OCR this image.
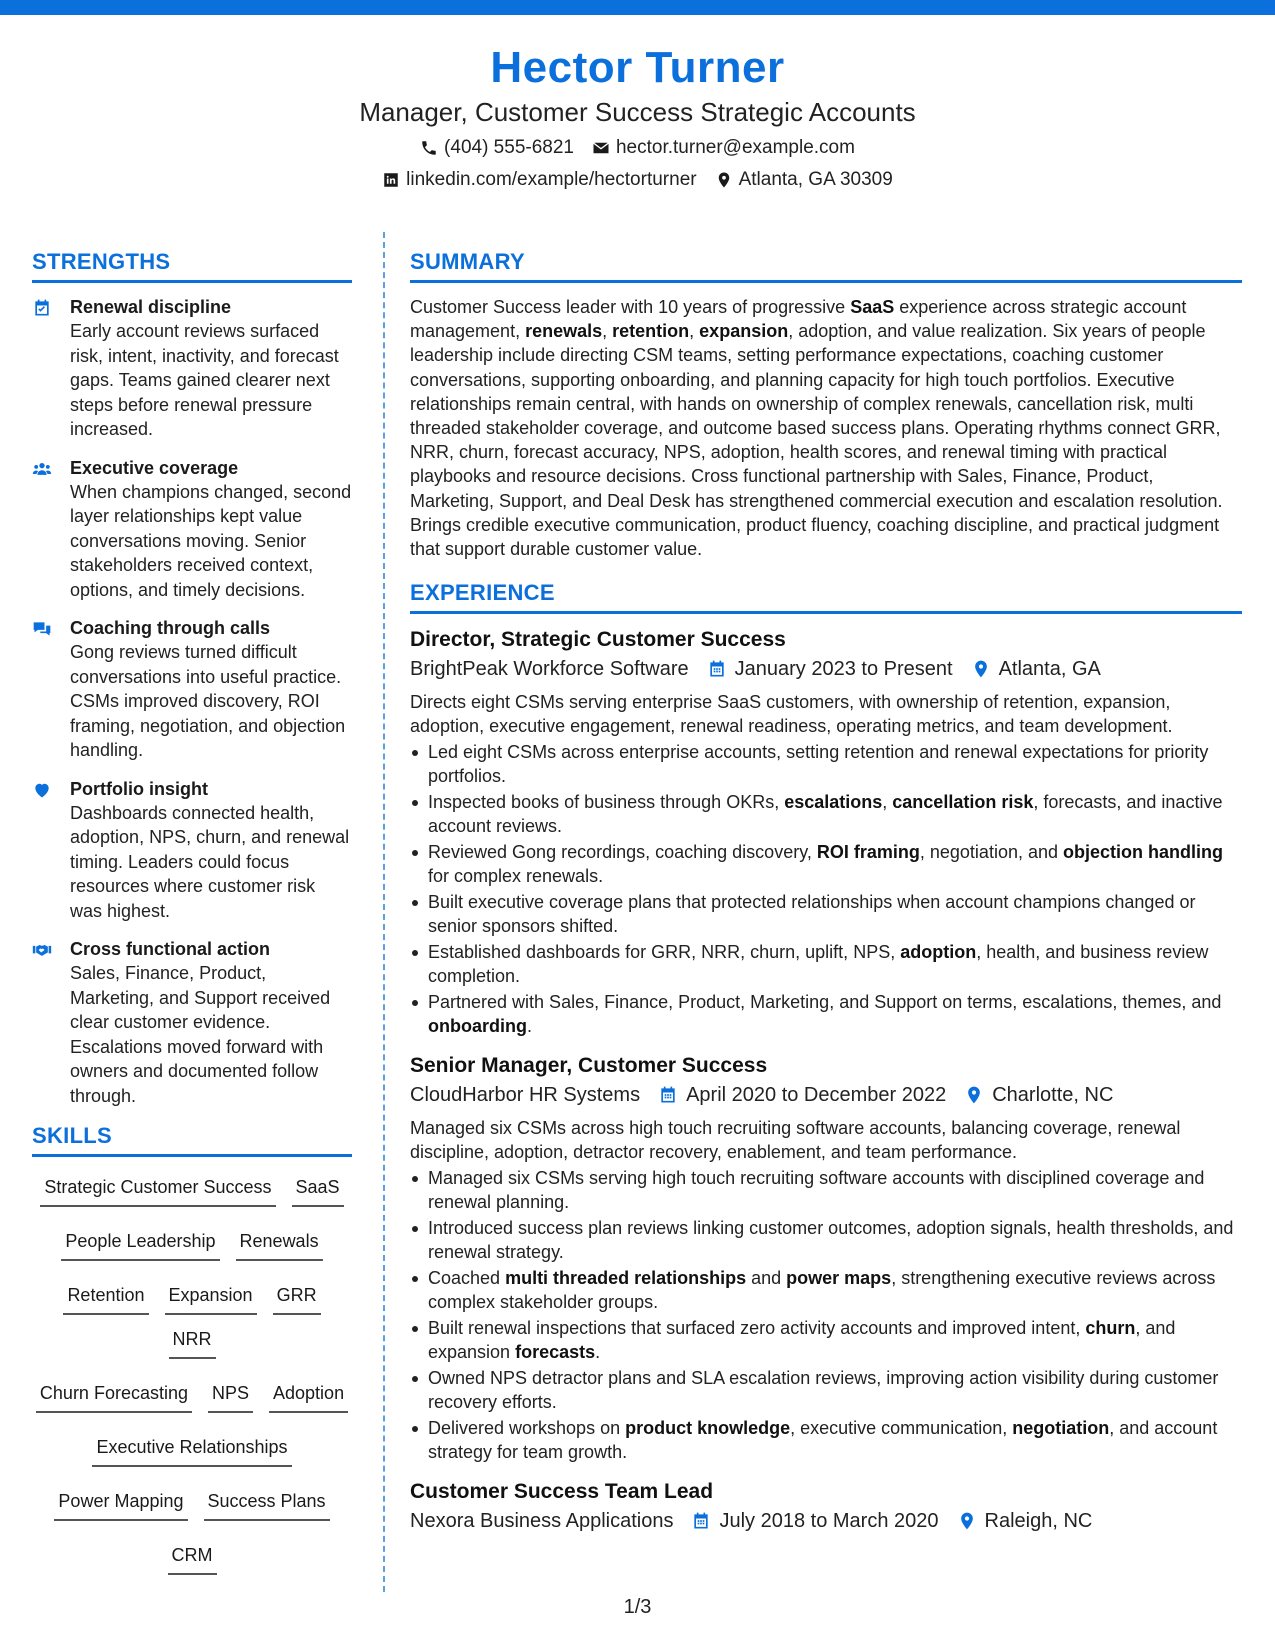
Hector Turner
Manager, Customer Success Strategic Accounts
(404) 555-6821 hector.turner@example.com
linkedin.com/example/hectorturner Atlanta, GA 30309
STRENGTHS
Renewal discipline
Early account reviews surfaced risk, intent, inactivity, and forecast gaps. Teams gained clearer next steps before renewal pressure increased.
Executive coverage
When champions changed, second layer relationships kept value conversations moving. Senior stakeholders received context, options, and timely decisions.
Coaching through calls
Gong reviews turned difficult conversations into useful practice. CSMs improved discovery, ROI framing, negotiation, and objection handling.
Portfolio insight
Dashboards connected health, adoption, NPS, churn, and renewal timing. Leaders could focus resources where customer risk was highest.
Cross functional action
Sales, Finance, Product, Marketing, and Support received clear customer evidence. Escalations moved forward with owners and documented follow through.
SKILLS
Strategic Customer Success SaaS
People Leadership Renewals
Retention Expansion GRR
NRR
Churn Forecasting NPS Adoption
Executive Relationships
Power Mapping Success Plans
CRM
SUMMARY

Customer Success leader with 10 years of progressive SaaS experience across strategic account management, renewals, retention, expansion, adoption, and value realization. Six years of people leadership include directing CSM teams, setting performance expectations, coaching customer conversations, supporting onboarding, and planning capacity for high touch portfolios. Executive relationships remain central, with hands on ownership of complex renewals, cancellation risk, multi threaded stakeholder coverage, and outcome based success plans. Operating rhythms connect GRR, NRR, churn, forecast accuracy, NPS, adoption, health scores, and renewal timing with practical playbooks and resource decisions. Cross functional partnership with Sales, Finance, Product, Marketing, Support, and Deal Desk has strengthened commercial execution and escalation resolution. Brings credible executive communication, product fluency, coaching discipline, and practical judgment that support durable customer value.

EXPERIENCE
Director, Strategic Customer Success
BrightPeak Workforce Software January 2023 to Present Atlanta, GA
Directs eight CSMs serving enterprise SaaS customers, with ownership of retention, expansion, adoption, executive engagement, renewal readiness, operating metrics, and team development.
Led eight CSMs across enterprise accounts, setting retention and renewal expectations for priority portfolios.
Inspected books of business through OKRs, escalations, cancellation risk, forecasts, and inactive account reviews.
Reviewed Gong recordings, coaching discovery, ROI framing, negotiation, and objection handling for complex renewals.
Built executive coverage plans that protected relationships when account champions changed or senior sponsors shifted.
Established dashboards for GRR, NRR, churn, uplift, NPS, adoption, health, and business review completion.
Partnered with Sales, Finance, Product, Marketing, and Support on terms, escalations, themes, and onboarding.
Senior Manager, Customer Success
CloudHarbor HR Systems April 2020 to December 2022 Charlotte, NC
Managed six CSMs across high touch recruiting software accounts, balancing coverage, renewal discipline, adoption, detractor recovery, enablement, and team performance.
Managed six CSMs serving high touch recruiting software accounts with disciplined coverage and renewal planning.
Introduced success plan reviews linking customer outcomes, adoption signals, health thresholds, and renewal strategy.
Coached multi threaded relationships and power maps, strengthening executive reviews across complex stakeholder groups.
Built renewal inspections that surfaced zero activity accounts and improved intent, churn, and expansion forecasts.
Owned NPS detractor plans and SLA escalation reviews, improving action visibility during customer recovery efforts.
Delivered workshops on product knowledge, executive communication, negotiation, and account strategy for team growth.
Customer Success Team Lead
Nexora Business Applications July 2018 to March 2020 Raleigh, NC
1/3
